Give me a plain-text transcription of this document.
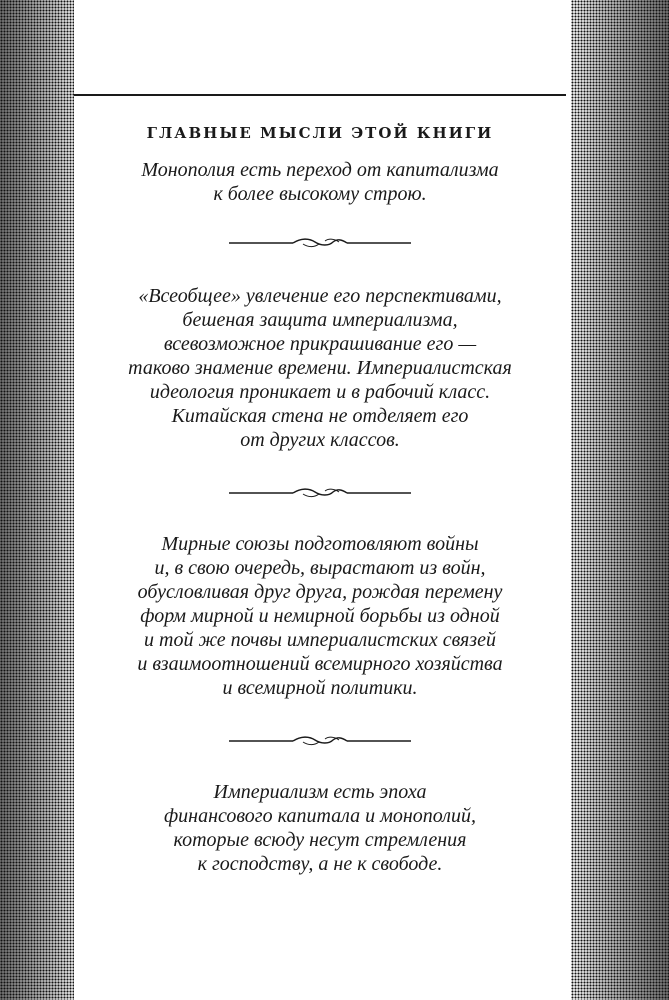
ГЛАВНЫЕ МЫСЛИ ЭТОЙ КНИГИ
Монополия есть переход от капитализма
к более высокому строю.
«Всеобщее» увлечение его перспективами,
бешеная защита империализма,
всевозможное прикрашивание его —
таково знамение времени. Империалистская
идеология проникает и в рабочий класс.
Китайская стена не отделяет его
от других классов.
Мирные союзы подготовляют войны
и, в свою очередь, вырастают из войн,
обусловливая друг друга, рождая перемену
форм мирной и немирной борьбы из одной
и той же почвы империалистских связей
и взаимоотношений всемирного хозяйства
и всемирной политики.
Империализм есть эпоха
финансового капитала и монополий,
которые всюду несут стремления
к господству, а не к свободе.
